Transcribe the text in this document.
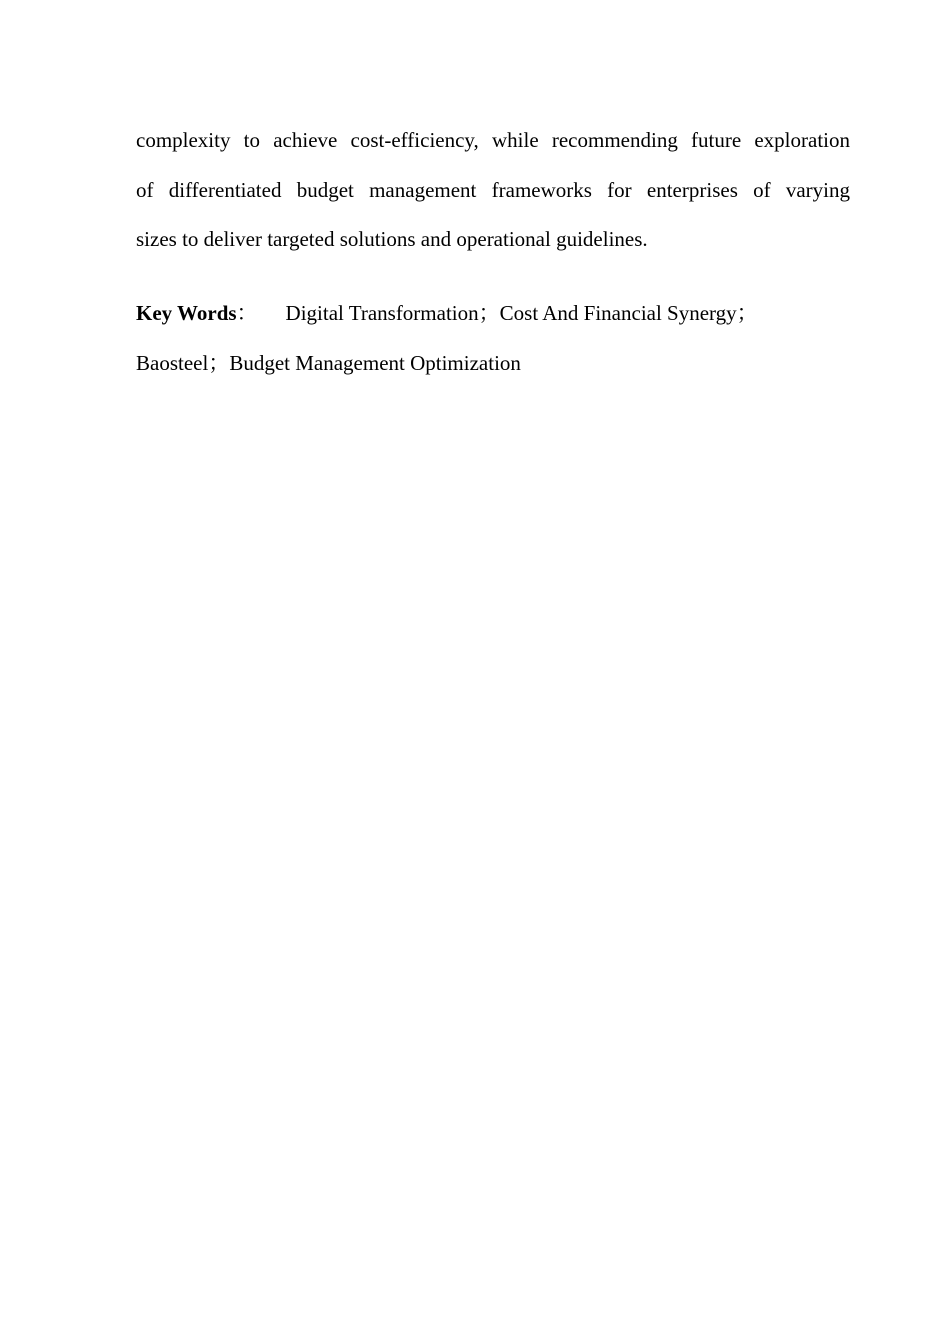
complexity to achieve cost-efficiency, while recommending future exploration
of differentiated budget management frameworks for enterprises of varying
sizes to deliver targeted solutions and operational guidelines.
Key Words： Digital Transformation；Cost And Financial Synergy；
Baosteel；Budget Management Optimization
